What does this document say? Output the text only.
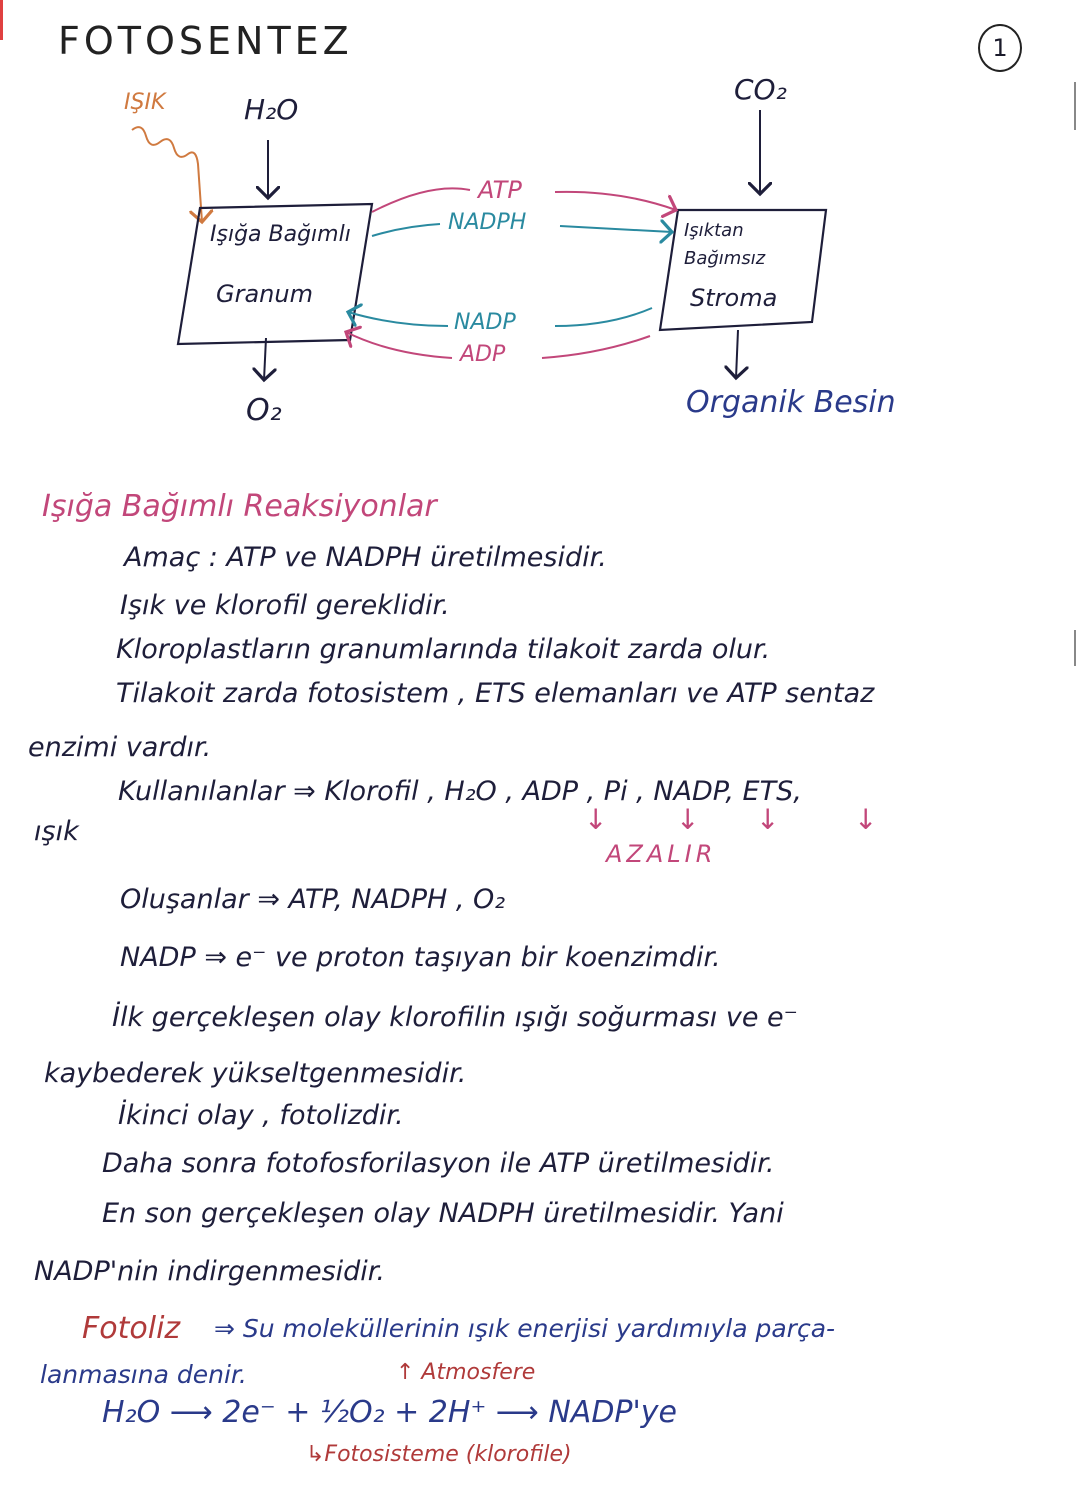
FOTOSENTEZ	1
IŞIK	H₂O
CO₂
Işığa Bağımlı
Granum
Işıktan
Bağımsız
Stroma
ATP
NADPH
NADP
ADP
O₂	Organik Besin
Işığa Bağımlı Reaksiyonlar
Amaç : ATP ve NADPH üretilmesidir.
Işık ve klorofil gereklidir.
Kloroplastların granumlarında tilakoit zarda olur.
Tilakoit zarda fotosistem , ETS elemanları ve ATP sentaz
enzimi vardır.
Kullanılanlar ⇒ Klorofil , H₂O , ADP , Pi , NADP, ETS,
ışık	↓ ↓ ↓	↓
AZALIR
Oluşanlar ⇒ ATP, NADPH , O₂
NADP ⇒ e⁻ ve proton taşıyan bir koenzimdir.
İlk gerçekleşen olay klorofilin ışığı soğurması ve e⁻
kaybederek yükseltgenmesidir.
İkinci olay , fotolizdir.
Daha sonra fotofosforilasyon ile ATP üretilmesidir.
En son gerçekleşen olay NADPH üretilmesidir. Yani
NADP'nin indirgenmesidir.
Fotoliz ⇒ Su moleküllerinin ışık enerjisi yardımıyla parça-
lanmasına denir.	↑ Atmosfere
H₂O ⟶ 2e⁻ + ½O₂ + 2H⁺ ⟶ NADP'ye
↳Fotosisteme (klorofile)
